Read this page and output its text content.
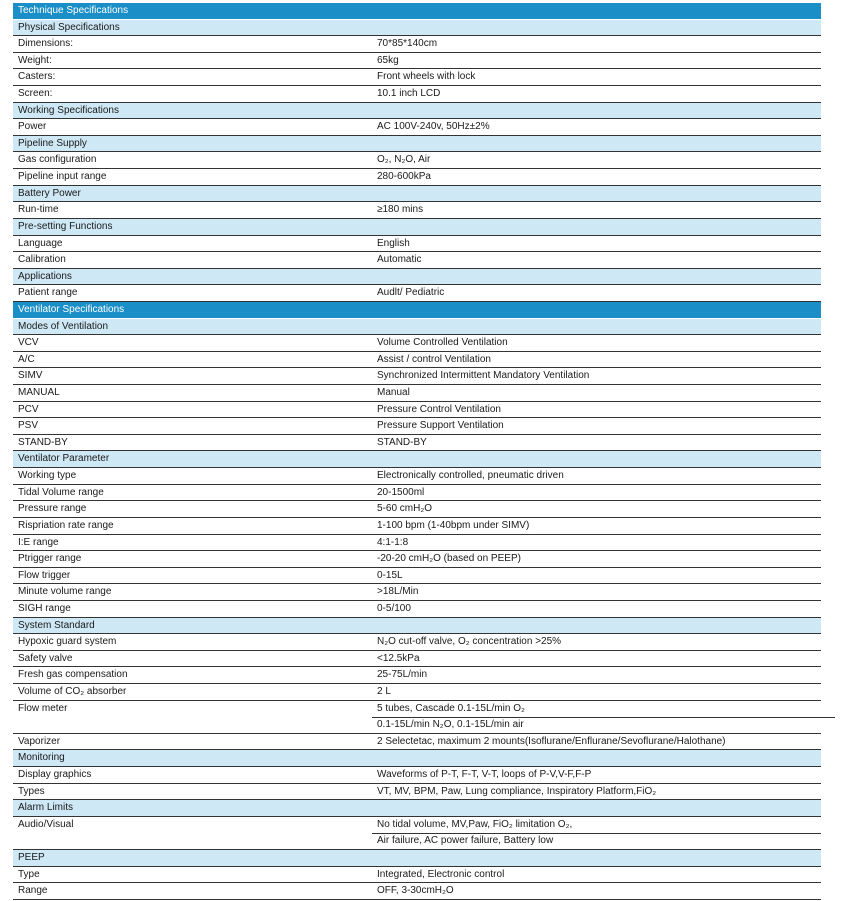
Technique Specifications
Physical Specifications
Dimensions:	70*85*140cm
Weight:	65kg
Casters:	Front wheels with lock
Screen:	10.1 inch LCD
Working Specifications
Power	AC 100V-240v, 50Hz±2%
Pipeline Supply
Gas configuration	O₂, N₂O, Air
Pipeline input range	280-600kPa
Battery Power
Run-time	≥180 mins
Pre-setting Functions
Language	English
Calibration	Automatic
Applications
Patient range	Audlt/ Pediatric
Ventilator Specifications
Modes of Ventilation
VCV	Volume Controlled Ventilation
A/C	Assist / control Ventilation
SIMV	Synchronized Intermittent Mandatory Ventilation
MANUAL	Manual
PCV	Pressure Control Ventilation
PSV	Pressure Support Ventilation
STAND-BY	STAND-BY
Ventilator Parameter
Working type	Electronically controlled, pneumatic driven
Tidal Volume range	20-1500ml
Pressure range	5-60 cmH₂O
Rispriation rate range	1-100 bpm (1-40bpm under SIMV)
I:E range	4:1-1:8
Ptrigger range	-20-20 cmH₂O (based on PEEP)
Flow trigger	0-15L
Minute volume range	>18L/Min
SIGH range	0-5/100
System Standard
Hypoxic guard system	N₂O cut-off valve, O₂ concentration >25%
Safety valve	<12.5kPa
Fresh gas compensation	25-75L/min
Volume of CO₂ absorber	2 L
Flow meter	5 tubes, Cascade 0.1-15L/min O₂
0.1-15L/min N₂O, 0.1-15L/min air
Vaporizer	2 Selectetac, maximum 2 mounts(Isoflurane/Enflurane/Sevoflurane/Halothane)
Monitoring
Display graphics	Waveforms of P-T, F-T, V-T, loops of P-V,V-F,F-P
Types	VT, MV, BPM, Paw, Lung compliance, Inspiratory Platform,FiO₂
Alarm Limits
Audio/Visual	No tidal volume, MV,Paw, FiO₂ limitation O₂,
Air failure, AC power failure, Battery low
PEEP
Type	Integrated, Electronic control
Range	OFF, 3-30cmH₂O
